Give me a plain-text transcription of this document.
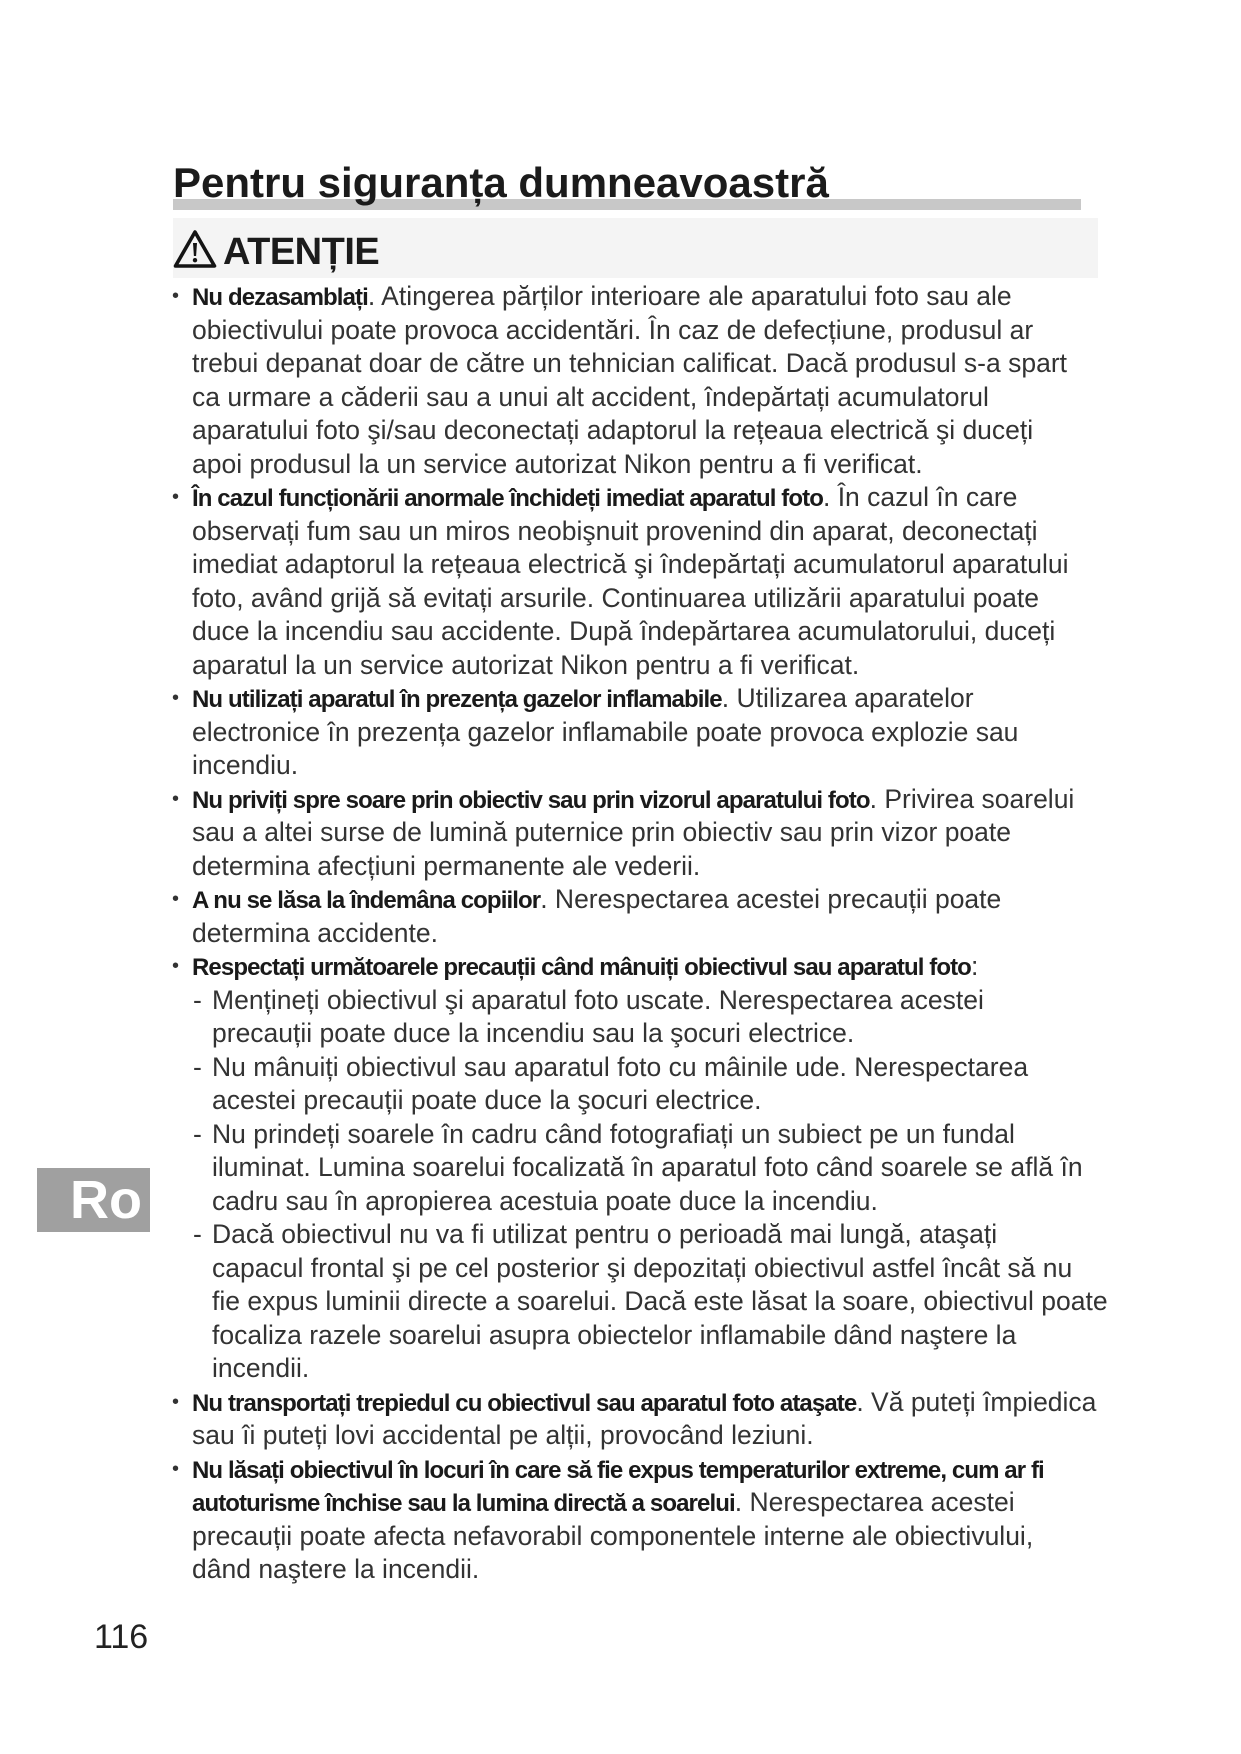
Pentru siguranța dumneavoastră
ATENȚIE
• Nu dezasamblați. Atingerea părților interioare ale aparatului foto sau ale
obiectivului poate provoca accidentări. În caz de defecțiune, produsul ar
trebui depanat doar de către un tehnician calificat. Dacă produsul s-a spart
ca urmare a căderii sau a unui alt accident, îndepărtați acumulatorul
aparatului foto şi/sau deconectați adaptorul la rețeaua electrică şi duceți
apoi produsul la un service autorizat Nikon pentru a fi verificat.
• În cazul funcționării anormale închideți imediat aparatul foto. În cazul în care
observați fum sau un miros neobişnuit provenind din aparat, deconectați
imediat adaptorul la rețeaua electrică şi îndepărtați acumulatorul aparatului
foto, având grijă să evitați arsurile. Continuarea utilizării aparatului poate
duce la incendiu sau accidente. După îndepărtarea acumulatorului, duceți
aparatul la un service autorizat Nikon pentru a fi verificat.
• Nu utilizați aparatul în prezența gazelor inflamabile. Utilizarea aparatelor
electronice în prezența gazelor inflamabile poate provoca explozie sau
incendiu.
• Nu priviți spre soare prin obiectiv sau prin vizorul aparatului foto. Privirea soarelui
sau a altei surse de lumină puternice prin obiectiv sau prin vizor poate
determina afecțiuni permanente ale vederii.
• A nu se lăsa la îndemâna copiilor. Nerespectarea acestei precauții poate
determina accidente.
• Respectați următoarele precauții când mânuiți obiectivul sau aparatul foto:
- Mențineți obiectivul şi aparatul foto uscate. Nerespectarea acestei
precauții poate duce la incendiu sau la şocuri electrice.
- Nu mânuiți obiectivul sau aparatul foto cu mâinile ude. Nerespectarea
acestei precauții poate duce la şocuri electrice.
- Nu prindeți soarele în cadru când fotografiați un subiect pe un fundal
iluminat. Lumina soarelui focalizată în aparatul foto când soarele se află în
cadru sau în apropierea acestuia poate duce la incendiu.
- Dacă obiectivul nu va fi utilizat pentru o perioadă mai lungă, ataşați
capacul frontal şi pe cel posterior şi depozitați obiectivul astfel încât să nu
fie expus luminii directe a soarelui. Dacă este lăsat la soare, obiectivul poate
focaliza razele soarelui asupra obiectelor inflamabile dând naştere la
incendii.
• Nu transportați trepiedul cu obiectivul sau aparatul foto ataşate. Vă puteți împiedica
sau îi puteți lovi accidental pe alții, provocând leziuni.
• Nu lăsați obiectivul în locuri în care să fie expus temperaturilor extreme, cum ar fi
autoturisme închise sau la lumina directă a soarelui. Nerespectarea acestei
precauții poate afecta nefavorabil componentele interne ale obiectivului,
dând naştere la incendii.
Ro
116
